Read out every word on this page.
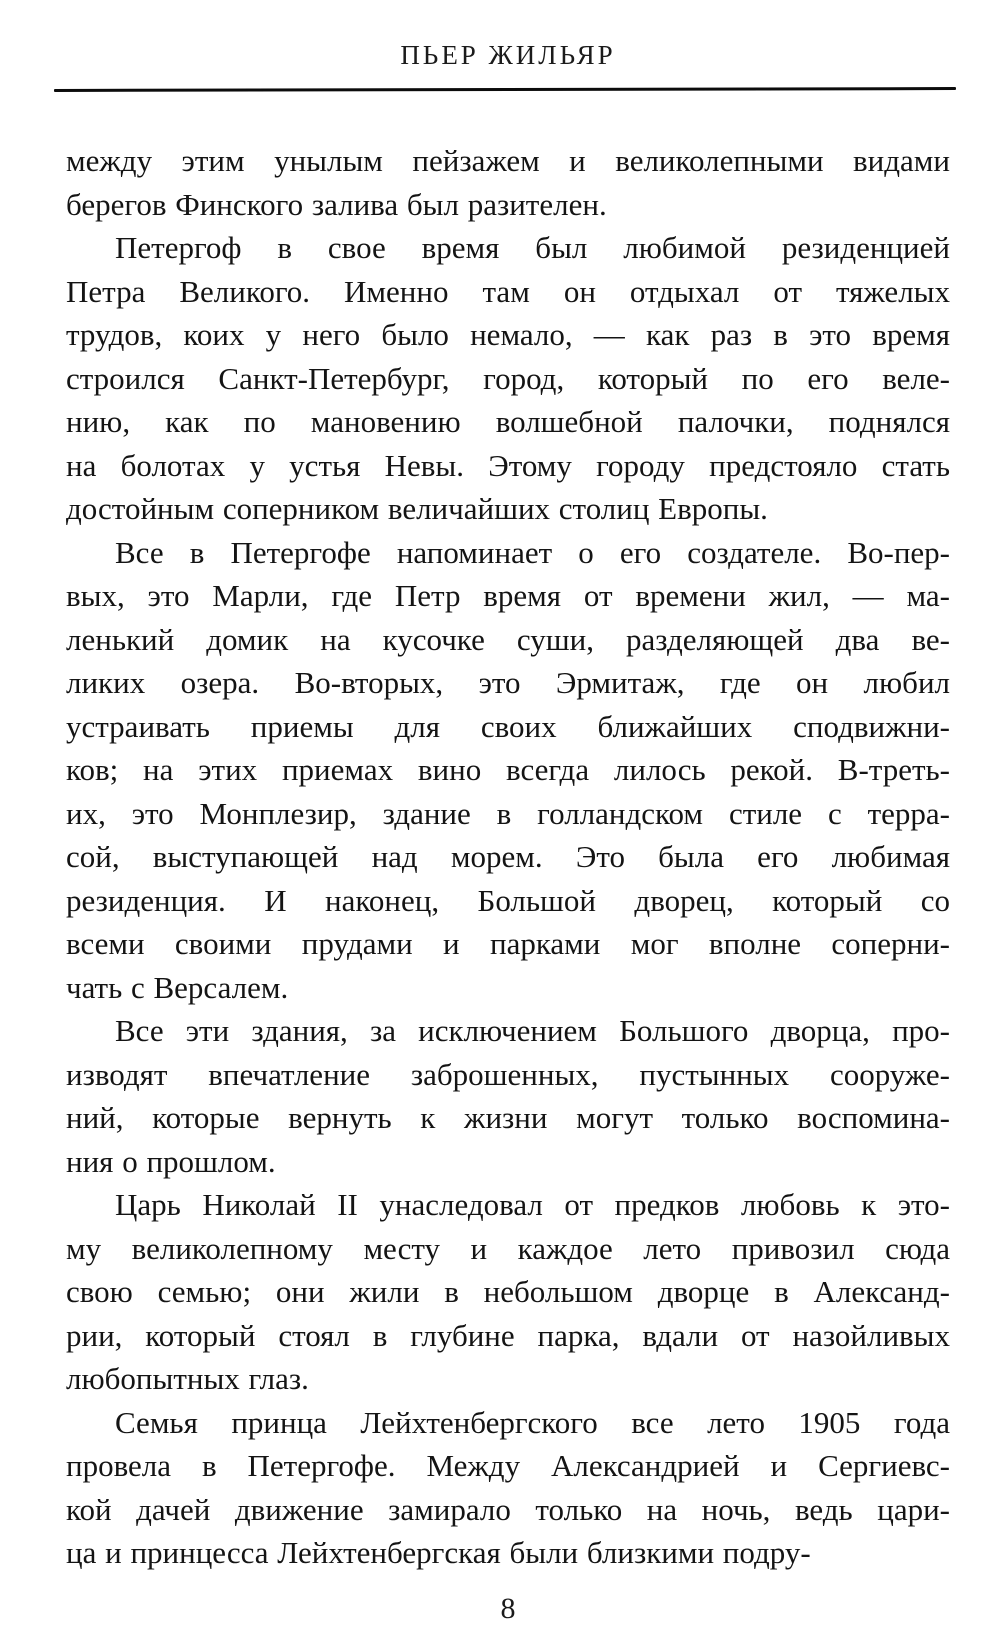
ПЬЕР ЖИЛЬЯР
между этим унылым пейзажем и великолепными видами
берегов Финского залива был разителен.
Петергоф в свое время был любимой резиденцией
Петра Великого. Именно там он отдыхал от тяжелых
трудов, коих у него было немало, — как раз в это время
строился Санкт-Петербург, город, который по его веле-
нию, как по мановению волшебной палочки, поднялся
на болотах у устья Невы. Этому городу предстояло стать
достойным соперником величайших столиц Европы.
Все в Петергофе напоминает о его создателе. Во-пер-
вых, это Марли, где Петр время от времени жил, — ма-
ленький домик на кусочке суши, разделяющей два ве-
ликих озера. Во-вторых, это Эрмитаж, где он любил
устраивать приемы для своих ближайших сподвижни-
ков; на этих приемах вино всегда лилось рекой. В-треть-
их, это Монплезир, здание в голландском стиле с терра-
сой, выступающей над морем. Это была его любимая
резиденция. И наконец, Большой дворец, который со
всеми своими прудами и парками мог вполне соперни-
чать с Версалем.
Все эти здания, за исключением Большого дворца, про-
изводят впечатление заброшенных, пустынных сооруже-
ний, которые вернуть к жизни могут только воспомина-
ния о прошлом.
Царь Николай II унаследовал от предков любовь к это-
му великолепному месту и каждое лето привозил сюда
свою семью; они жили в небольшом дворце в Александ-
рии, который стоял в глубине парка, вдали от назойливых
любопытных глаз.
Семья принца Лейхтенбергского все лето 1905 года
провела в Петергофе. Между Александрией и Сергиевс-
кой дачей движение замирало только на ночь, ведь цари-
ца и принцесса Лейхтенбергская были близкими подру-
8
